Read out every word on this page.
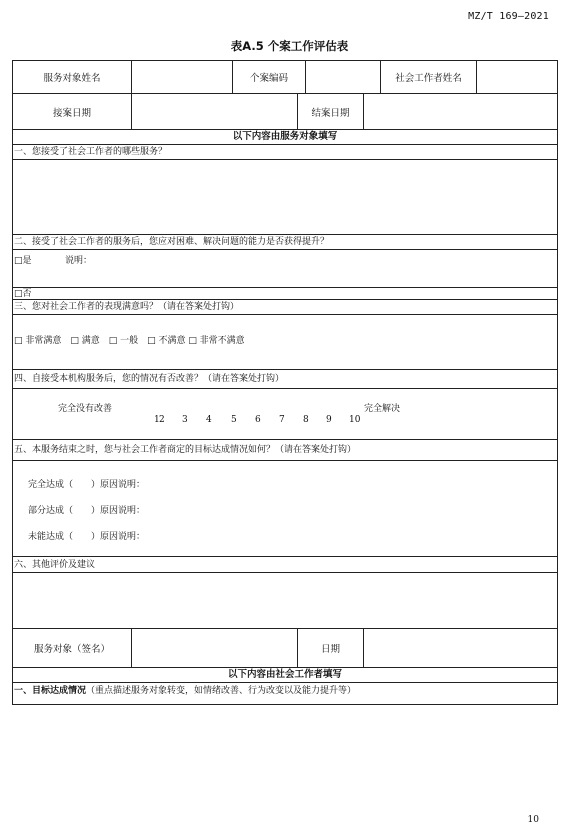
MZ/T 169—2021
表A.5 个案工作评估表
服务对象姓名	个案编码	社会工作者姓名
接案日期	结案日期
以下内容由服务对象填写
一、您接受了社会工作者的哪些服务？
二、接受了社会工作者的服务后，您应对困难、解决问题的能力是否获得提升？
□是	说明：
□否
三、您对社会工作者的表现满意吗？（请在答案处打钩）
□ 非常满意　□ 满意　□ 一般　□ 不满意 □ 非常不满意
四、自接受本机构服务后，您的情况有否改善？（请在答案处打钩）
完全没有改善	完全解决
1 2 3 4 5 6 7 8 9 10
五、本服务结束之时，您与社会工作者商定的目标达成情况如何？（请在答案处打钩）
完全达成（　　）原因说明：
部分达成（　　）原因说明：
未能达成（　　）原因说明：
六、其他评价及建议
服务对象（签名）	日期
以下内容由社会工作者填写
一、目标达成情况（重点描述服务对象转变，如情绪改善、行为改变以及能力提升等）
10
